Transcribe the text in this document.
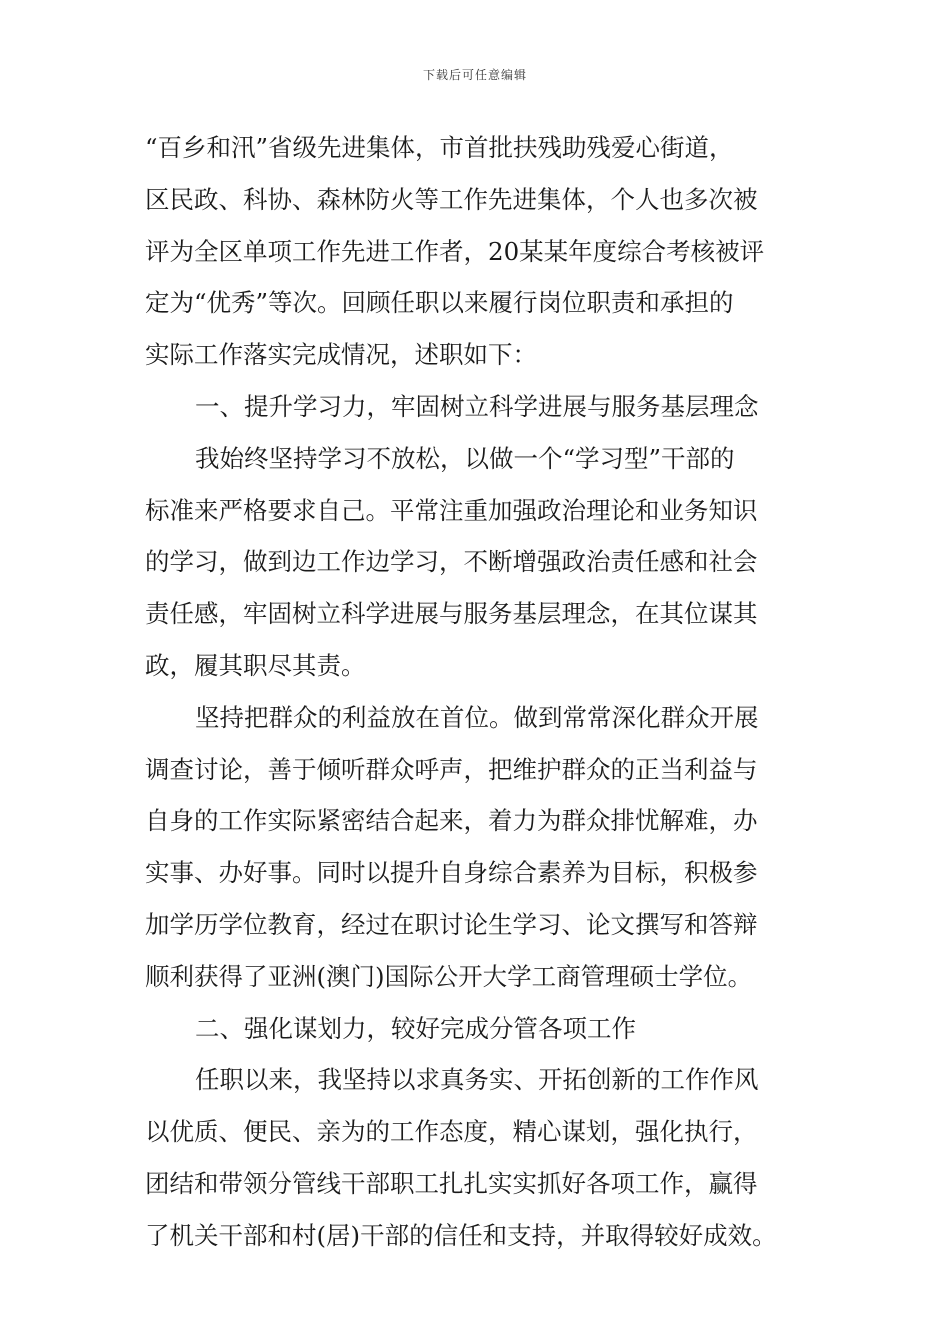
下载后可任意编辑
“百乡和汛”省级先进集体，市首批扶残助残爱心街道，
区民政、科协、森林防火等工作先进集体，个人也多次被
评为全区单项工作先进工作者，20某某年度综合考核被评
定为“优秀”等次。回顾任职以来履行岗位职责和承担的
实际工作落实完成情况，述职如下：
一、提升学习力，牢固树立科学进展与服务基层理念
我始终坚持学习不放松，以做一个“学习型”干部的
标准来严格要求自己。平常注重加强政治理论和业务知识
的学习，做到边工作边学习，不断增强政治责任感和社会
责任感，牢固树立科学进展与服务基层理念，在其位谋其
政，履其职尽其责。
坚持把群众的利益放在首位。做到常常深化群众开展
调查讨论，善于倾听群众呼声，把维护群众的正当利益与
自身的工作实际紧密结合起来，着力为群众排忧解难，办
实事、办好事。同时以提升自身综合素养为目标，积极参
加学历学位教育，经过在职讨论生学习、论文撰写和答辩
顺利获得了亚洲(澳门)国际公开大学工商管理硕士学位。
二、强化谋划力，较好完成分管各项工作
任职以来，我坚持以求真务实、开拓创新的工作作风
以优质、便民、亲为的工作态度，精心谋划，强化执行，
团结和带领分管线干部职工扎扎实实抓好各项工作，赢得
了机关干部和村(居)干部的信任和支持，并取得较好成效。
